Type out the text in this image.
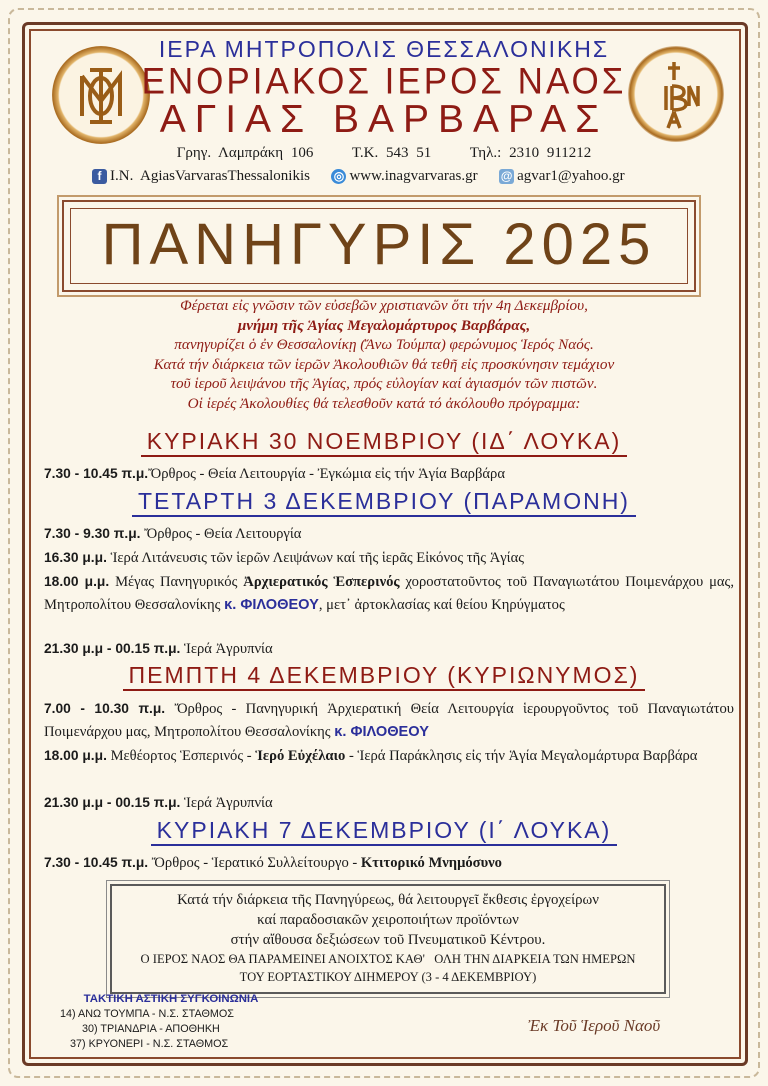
ΙΕΡΑ ΜΗΤΡΟΠΟΛΙΣ ΘΕΣΣΑΛΟΝΙΚΗΣ
ΕΝΟΡΙΑΚΟΣ ΙΕΡΟΣ ΝΑΟΣ
ΑΓΙΑΣ ΒΑΡΒΑΡΑΣ
Γρηγ. Λαμπράκη 106     Τ.Κ. 543 51     Τηλ.: 2310 911212
f I.N.  AgiasVarvarasThessalonikis ◎ www.inagvarvaras.gr @ agvar1@yahoo.gr
ΠΑΝΗΓΥΡΙΣ 2025
Φέρεται εἰς γνῶσιν τῶν εὐσεβῶν χριστιανῶν ὅτι τήν 4η Δεκεμβρίου,
μνήμη τῆς Ἁγίας Μεγαλομάρτυρος Βαρβάρας,
πανηγυρίζει ὁ ἐν Θεσσαλονίκῃ (Ἄνω Τούμπα) φερώνυμος Ἱερός Ναός.
Κατά τήν διάρκεια τῶν ἱερῶν Ἀκολουθιῶν θά τεθῆ εἰς προσκύνησιν τεμάχιον
τοῦ ἱεροῦ λειψάνου τῆς Ἁγίας, πρός εὐλογίαν καί ἁγιασμόν τῶν πιστῶν.
Οἱ ἱερές Ἀκολουθίες θά τελεσθοῦν κατά τό ἀκόλουθο πρόγραμμα:
ΚΥΡΙΑΚΗ 30 ΝΟΕΜΒΡΙΟΥ (ΙΔ΄ ΛΟΥΚΑ)
7.30 - 10.45 π.μ.Ὄρθρος - Θεία Λειτουργία - Ἐγκώμια εἰς τήν Ἁγία Βαρβάρα
ΤΕΤΑΡΤΗ 3 ΔΕΚΕΜΒΡΙΟΥ (ΠΑΡΑΜΟΝΗ)
7.30 - 9.30 π.μ. Ὄρθρος - Θεία Λειτουργία
16.30 μ.μ. Ἱερά Λιτάνευσις τῶν ἱερῶν Λειψάνων καί τῆς ἱερᾶς Εἰκόνος τῆς Ἁγίας
18.00 μ.μ. Μέγας Πανηγυρικός Ἀρχιερατικός Ἑσπερινός χοροστατοῦντος τοῦ Παναγιωτάτου Ποιμενάρχου μας, Μητροπολίτου Θεσσαλονίκης κ. ΦΙΛΟΘΕΟΥ, μετ᾽ ἀρτοκλασίας καί θείου Κηρύγματος
21.30 μ.μ - 00.15 π.μ. Ἱερά Ἀγρυπνία
ΠΕΜΠΤΗ 4 ΔΕΚΕΜΒΡΙΟΥ (ΚΥΡΙΩΝΥΜΟΣ)
7.00 - 10.30 π.μ. Ὄρθρος - Πανηγυρική Ἀρχιερατική Θεία Λειτουργία ἱερουργοῦντος τοῦ Παναγιωτάτου Ποιμενάρχου μας, Μητροπολίτου Θεσσαλονίκης κ. ΦΙΛΟΘΕΟΥ
18.00 μ.μ. Μεθέορτος Ἑσπερινός - Ἱερό Εὐχέλαιο - Ἱερά Παράκλησις εἰς τήν Ἁγία Μεγαλομάρτυρα Βαρβάρα
21.30 μ.μ - 00.15 π.μ. Ἱερά Ἀγρυπνία
ΚΥΡΙΑΚΗ 7 ΔΕΚΕΜΒΡΙΟΥ (Ι΄ ΛΟΥΚΑ)
7.30 - 10.45 π.μ. Ὄρθρος - Ἱερατικό Συλλείτουργο - Κτιτορικό Μνημόσυνο
Κατά τήν διάρκεια τῆς Πανηγύρεως, θά λειτουργεῖ ἔκθεσις ἐργοχείρων
καί παραδοσιακῶν χειροποιήτων προϊόντων
στήν αἴθουσα δεξιώσεων τοῦ Πνευματικοῦ Κέντρου.
Ο ΙΕΡΟΣ ΝΑΟΣ ΘΑ ΠΑΡΑΜΕΙΝΕΙ ΑΝΟΙΧΤΟΣ ΚΑΘ'   ΟΛΗ ΤΗΝ ΔΙΑΡΚΕΙΑ ΤΩΝ ΗΜΕΡΩΝ
ΤΟΥ ΕΟΡΤΑΣΤΙΚΟΥ ΔΙΗΜΕΡΟΥ (3 - 4 ΔΕΚΕΜΒΡΙΟΥ)
ΤΑΚΤΙΚΗ ΑΣΤΙΚΗ ΣΥΓΚΟΙΝΩΝΙΑ
14) ΑΝΩ ΤΟΥΜΠΑ - Ν.Σ. ΣΤΑΘΜΟΣ
30) ΤΡΙΑΝΔΡΙΑ - ΑΠΟΘΗΚΗ
37) ΚΡΥΟΝΕΡΙ - Ν.Σ. ΣΤΑΘΜΟΣ
Ἐκ Τοῦ Ἱεροῦ Ναοῦ
